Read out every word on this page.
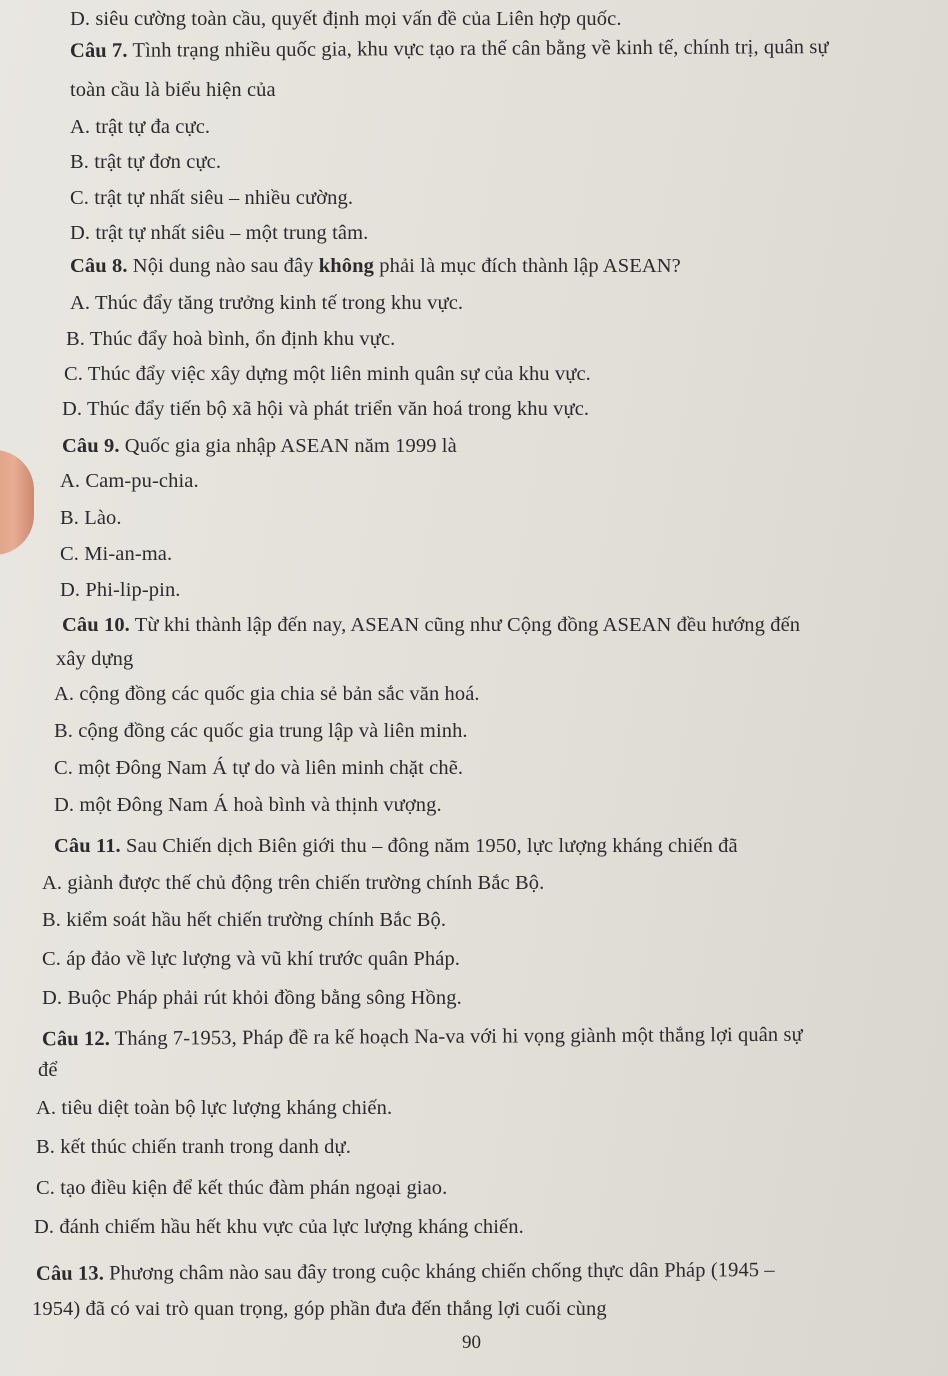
D. siêu cường toàn cầu, quyết định mọi vấn đề của Liên hợp quốc.
Câu 7. Tình trạng nhiều quốc gia, khu vực tạo ra thế cân bằng về kinh tế, chính trị, quân sự
toàn cầu là biểu hiện của
A. trật tự đa cực.
B. trật tự đơn cực.
C. trật tự nhất siêu – nhiều cường.
D. trật tự nhất siêu – một trung tâm.
Câu 8. Nội dung nào sau đây không phải là mục đích thành lập ASEAN?
A. Thúc đẩy tăng trưởng kinh tế trong khu vực.
B. Thúc đẩy hoà bình, ổn định khu vực.
C. Thúc đẩy việc xây dựng một liên minh quân sự của khu vực.
D. Thúc đẩy tiến bộ xã hội và phát triển văn hoá trong khu vực.
Câu 9. Quốc gia gia nhập ASEAN năm 1999 là
A. Cam-pu-chia.
B. Lào.
C. Mi-an-ma.
D. Phi-lip-pin.
Câu 10. Từ khi thành lập đến nay, ASEAN cũng như Cộng đồng ASEAN đều hướng đến
xây dựng
A. cộng đồng các quốc gia chia sẻ bản sắc văn hoá.
B. cộng đồng các quốc gia trung lập và liên minh.
C. một Đông Nam Á tự do và liên minh chặt chẽ.
D. một Đông Nam Á hoà bình và thịnh vượng.
Câu 11. Sau Chiến dịch Biên giới thu – đông năm 1950, lực lượng kháng chiến đã
A. giành được thế chủ động trên chiến trường chính Bắc Bộ.
B. kiểm soát hầu hết chiến trường chính Bắc Bộ.
C. áp đảo về lực lượng và vũ khí trước quân Pháp.
D. Buộc Pháp phải rút khỏi đồng bằng sông Hồng.
Câu 12. Tháng 7-1953, Pháp đề ra kế hoạch Na-va với hi vọng giành một thắng lợi quân sự
để
A. tiêu diệt toàn bộ lực lượng kháng chiến.
B. kết thúc chiến tranh trong danh dự.
C. tạo điều kiện để kết thúc đàm phán ngoại giao.
D. đánh chiếm hầu hết khu vực của lực lượng kháng chiến.
Câu 13. Phương châm nào sau đây trong cuộc kháng chiến chống thực dân Pháp (1945 –
1954) đã có vai trò quan trọng, góp phần đưa đến thắng lợi cuối cùng
90
